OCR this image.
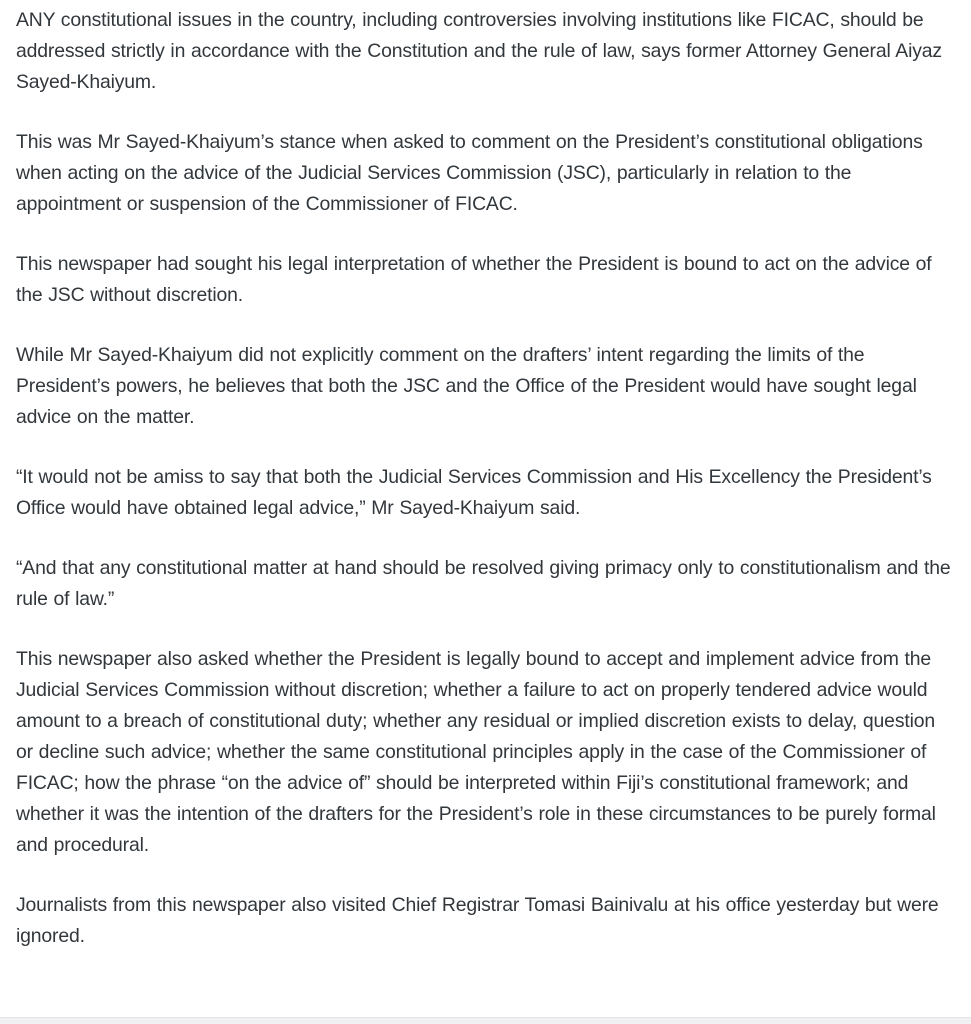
ANY constitutional issues in the country, including controversies involving institutions like FICAC, should be addressed strictly in accordance with the Constitution and the rule of law, says former Attorney General Aiyaz Sayed-Khaiyum.

This was Mr Sayed-Khaiyum’s stance when asked to comment on the President’s constitutional obligations when acting on the advice of the Judicial Services Commission (JSC), particularly in relation to the appointment or suspension of the Commissioner of FICAC.

This newspaper had sought his legal interpretation of whether the President is bound to act on the advice of the JSC without discretion.

While Mr Sayed-Khaiyum did not explicitly comment on the drafters’ intent regarding the limits of the President’s powers, he believes that both the JSC and the Office of the President would have sought legal advice on the matter.

“It would not be amiss to say that both the Judicial Services Commission and His Excellency the President’s Office would have obtained legal advice,” Mr Sayed-Khaiyum said.

“And that any constitutional matter at hand should be resolved giving primacy only to constitutionalism and the rule of law.”

This newspaper also asked whether the President is legally bound to accept and implement advice from the Judicial Services Commission without discretion; whether a failure to act on properly tendered advice would amount to a breach of constitutional duty; whether any residual or implied discretion exists to delay, question or decline such advice; whether the same constitutional principles apply in the case of the Commissioner of FICAC; how the phrase “on the advice of” should be interpreted within Fiji’s constitutional framework; and whether it was the intention of the drafters for the President’s role in these circumstances to be purely formal and procedural.

Journalists from this newspaper also visited Chief Registrar Tomasi Bainivalu at his office yesterday but were ignored.
